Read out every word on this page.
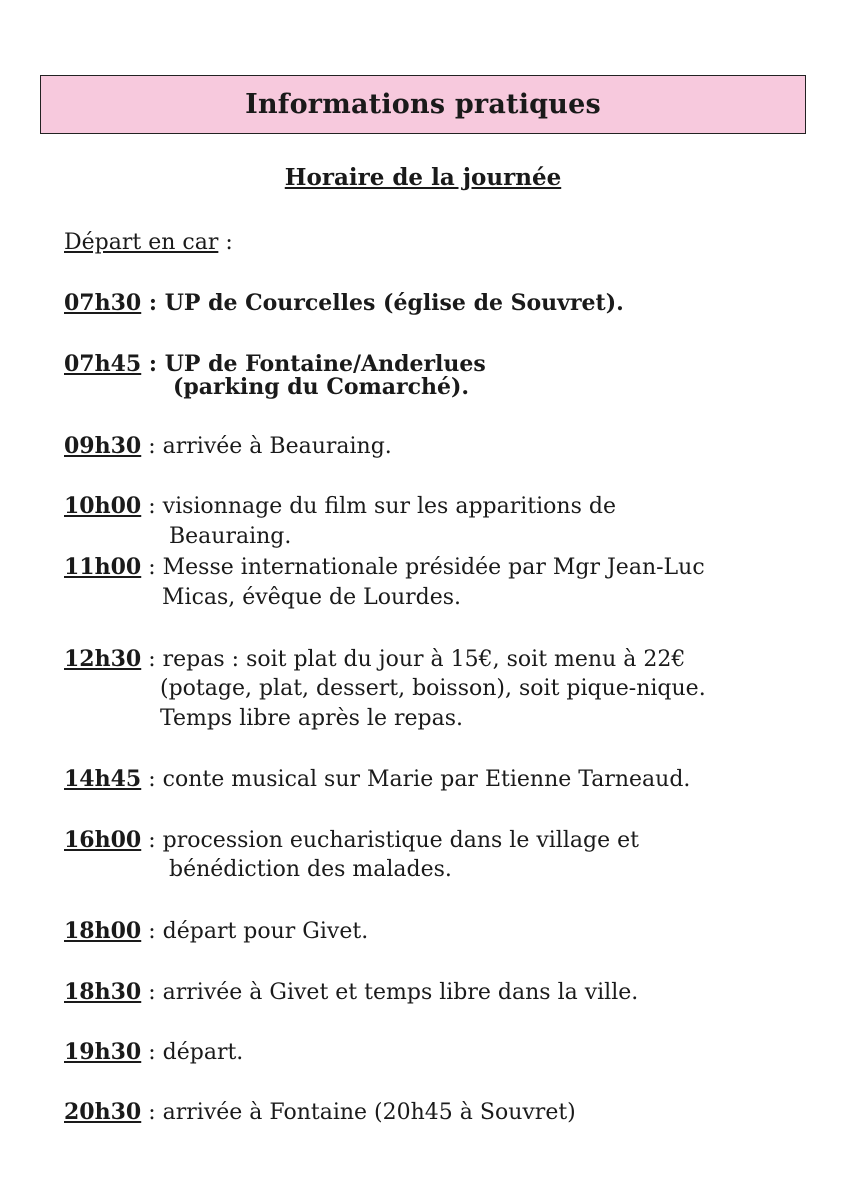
Informations pratiques
Horaire de la journée
Départ en car :
07h30 : UP de Courcelles (église de Souvret).
07h45 : UP de Fontaine/Anderlues
(parking du Comarché).
09h30 : arrivée à Beauraing.
10h00 : visionnage du film sur les apparitions de
Beauraing.
11h00 : Messe internationale présidée par Mgr Jean-Luc
Micas, évêque de Lourdes.
12h30 : repas : soit plat du jour à 15€, soit menu à 22€
(potage, plat, dessert, boisson), soit pique-nique.
Temps libre après le repas.
14h45 : conte musical sur Marie par Etienne Tarneaud.
16h00 : procession eucharistique dans le village et
bénédiction des malades.
18h00 : départ pour Givet.
18h30 : arrivée à Givet et temps libre dans la ville.
19h30 : départ.
20h30 : arrivée à Fontaine (20h45 à Souvret)
